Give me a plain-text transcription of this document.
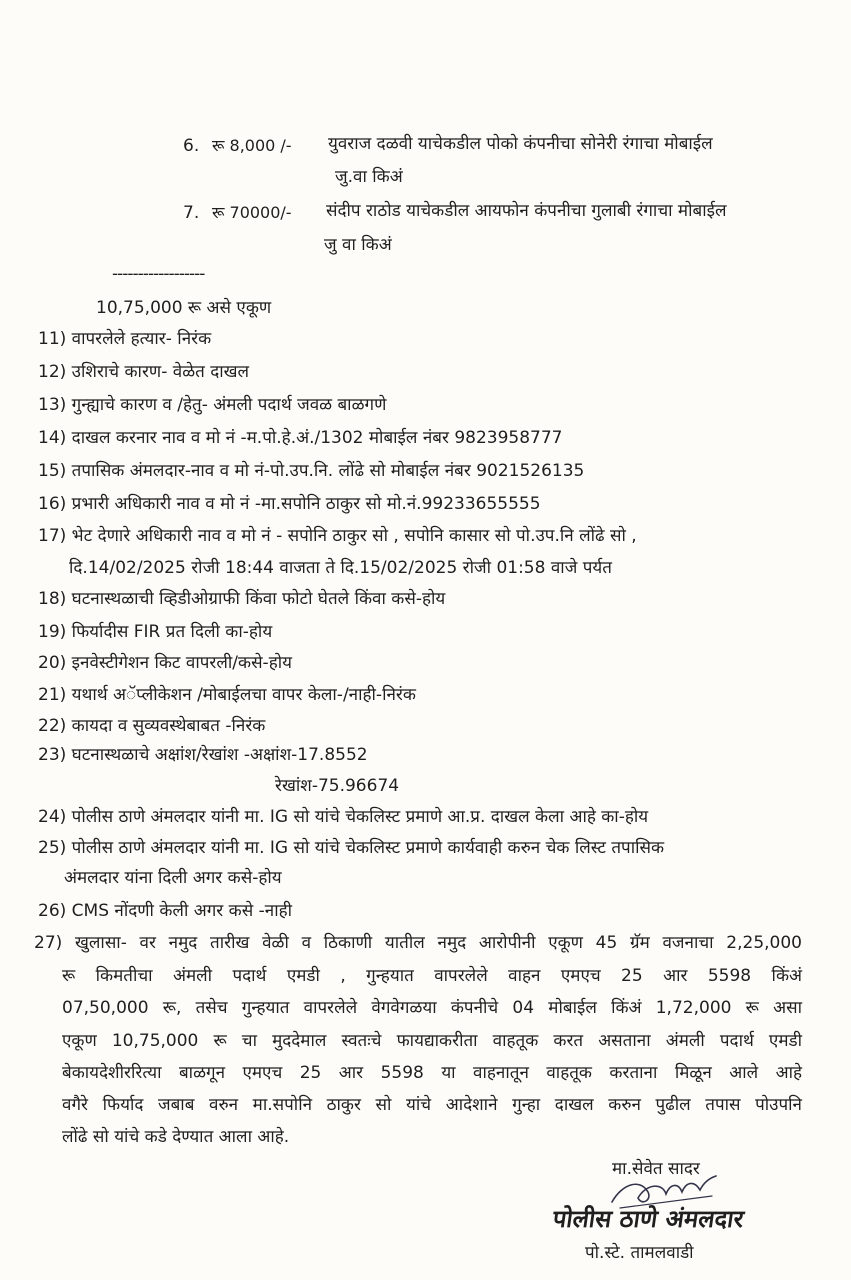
6. रू 8,000 /- युवराज दळवी याचेकडील पोको कंपनीचा सोनेरी रंगाचा मोबाईल
जु.वा किअं
7. रू 70000/- संदीप राठोड याचेकडील आयफोन कंपनीचा गुलाबी रंगाचा मोबाईल
जु वा किअं
------------------
10,75,000 रू असे एकूण
11) वापरलेले हत्यार- निरंक
12) उशिराचे कारण- वेळेत दाखल
13) गुन्ह्याचे कारण व /हेतु- अंमली पदार्थ जवळ बाळगणे
14) दाखल करनार नाव व मो नं -म.पो.हे.अं./1302 मोबाईल नंबर 9823958777
15) तपासिक अंमलदार-नाव व मो नं-पो.उप.नि. लोंढे सो मोबाईल नंबर 9021526135
16) प्रभारी अधिकारी नाव व मो नं -मा.सपोनि ठाकुर सो मो.नं.99233655555
17) भेट देणारे अधिकारी नाव व मो नं - सपोनि ठाकुर सो , सपोनि कासार सो पो.उप.नि लोंढे सो ,
दि.14/02/2025 रोजी 18:44 वाजता ते दि.15/02/2025 रोजी 01:58 वाजे पर्यत
18) घटनास्थळाची व्हिडीओग्राफी किंवा फोटो घेतले किंवा कसे-होय
19) फिर्यादीस FIR प्रत दिली का-होय
20) इनवेस्टीगेशन किट वापरली/कसे-होय
21) यथार्थ अॅप्लीकेशन /मोबाईलचा वापर केला-/नाही-निरंक
22) कायदा व सुव्यवस्थेबाबत -निरंक
23) घटनास्थळाचे अक्षांश/रेखांश -अक्षांश-17.8552
रेखांश-75.96674
24) पोलीस ठाणे अंमलदार यांनी मा. IG सो यांचे चेकलिस्ट प्रमाणे आ.प्र. दाखल केला आहे का-होय
25) पोलीस ठाणे अंमलदार यांनी मा. IG सो यांचे चेकलिस्ट प्रमाणे कार्यवाही करुन चेक लिस्ट तपासिक
अंमलदार यांना दिली अगर कसे-होय
26) CMS नोंदणी केली अगर कसे -नाही
27) खुलासा- वर नमुद तारीख वेळी व ठिकाणी यातील नमुद आरोपीनी एकूण 45 ग्रॅम वजनाचा 2,25,000
रू किमतीचा अंमली पदार्थ एमडी , गुन्हयात वापरलेले वाहन एमएच 25 आर 5598 किंअं
07,50,000 रू, तसेच गुन्हयात वापरलेले वेगवेगळया कंपनीचे 04 मोबाईल किंअं 1,72,000 रू असा
एकूण 10,75,000 रू चा मुददेमाल स्वतःचे फायद्याकरीता वाहतूक करत असताना अंमली पदार्थ एमडी
बेकायदेशीररित्या बाळगून एमएच 25 आर 5598 या वाहनातून वाहतूक करताना मिळून आले आहे
वगैरे फिर्याद जबाब वरुन मा.सपोनि ठाकुर सो यांचे आदेशाने गुन्हा दाखल करुन पुढील तपास पोउपनि
लोंढे सो यांचे कडे देण्यात आला आहे.
मा.सेवेत सादर
पोलीस ठाणे अंमलदार
पो.स्टे. तामलवाडी
